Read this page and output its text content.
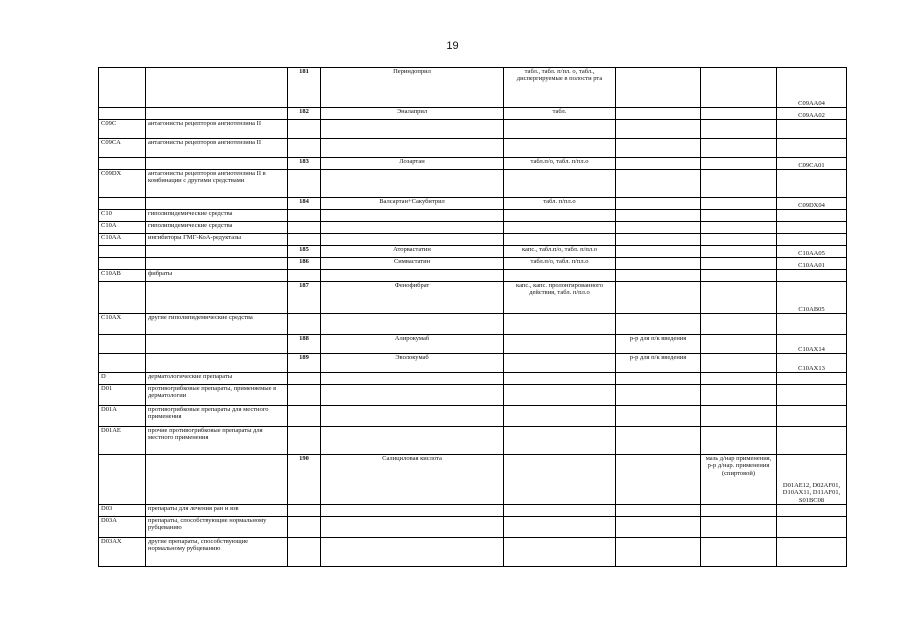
19
		181	Периндоприл	табл., табл. п/пл. о, табл., диспергируемые в полости рта			C09AA04
		182	Эналаприл	табл.			C09AA02
C09C	антагонисты рецепторов ангиотензина II						
C09CA	антагонисты рецепторов ангиотензина II						
		183	Лозартан	табл.п/о, табл. п/пл.о			C09CA01
C09DX	антагонисты рецепторов ангиотензина II в комбинации с другими средствами						
		184	Валсартан+Сакубитрил	табл. п/пл.о			C09DX04
C10	гиполипидемические средства						
C10A	гиполипидемические средства						
C10AA	ингибиторы ГМГ-КоА-редуктазы						
		185	Аторвастатин	капс., табл.п/о, табл. п/пл.о			C10AA05
		186	Симвастатин	табл.п/о, табл. п/пл.о			C10AA01
C10AB	фибраты						
		187	Фенофибрат	капс., капс. пролонгированного действия, табл. п/пл.о			C10AB05
C10AX	другие гиполипидемические средства						
		188	Алирокумаб		р-р для п/к введения		C10AX14
		189	Эволокумаб		р-р для п/к введения		C10AX13
D	дерматологические препараты						
D01	противогрибковые препараты, применяемые в дерматологии						
D01A	противогрибковые препараты для местного применения						
D01AE	прочие противогрибковые препараты для местного применения						
		190	Салициловая кислота			мазь д/нар применения, р-р д/нар. применения (спиртовой)	D01AE12, D02AF01, D10AX11, D11AF01, S01BC08
D03	препараты для лечения ран и язв						
D03A	препараты, способствующие нормальному рубцеванию						
D03AX	другие препараты, способствующие нормальному рубцеванию						
